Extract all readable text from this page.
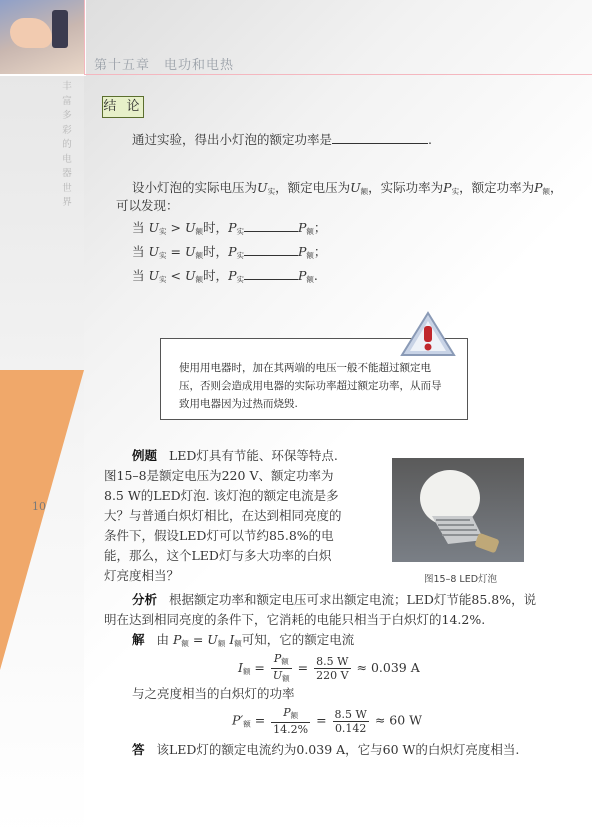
第十五章　电功和电热
丰富多彩的电器世界
10
结 论
通过实验，得出小灯泡的额定功率是	.
设小灯泡的实际电压为$U_实$，额定电压为$U_额$，实际功率为$P_实$，额定功率为$P_额$，
可以发现：
当 $U_实 > U_额$时，$P_实$	$P_额$；
当 $U_实 = U_额$时，$P_实$	$P_额$；
当 $U_实 < U_额$时，$P_实$	$P_额$.
使用用电器时，加在其两端的电压一般不能超过额定电压，否则会造成用电器的实际功率超过额定功率，从而导致用电器因为过热而烧毁.
例题 LED灯具有节能、环保等特点.
图15–8是额定电压为220 V、额定功率为
8.5 W的LED灯泡. 该灯泡的额定电流是多
大？与普通白炽灯相比，在达到相同亮度的
条件下，假设LED灯可以节约85.8%的电
能，那么，这个LED灯与多大功率的白炽
灯亮度相当？	图15–8 LED灯泡
分析 根据额定功率和额定电压可求出额定电流；LED灯节能85.8%，说
明在达到相同亮度的条件下，它消耗的电能只相当于白炽灯的14.2%.
解 由 $P_额 = U_额$ $I_额$可知，它的额定电流
$I_额 = \frac{P_额}{U_额} = \frac{8.5 W}{220 V} \approx 0.039$ A
与之亮度相当的白炽灯的功率
$P'_额 = \frac{P_额}{14.2\%} = \frac{8.5 W}{0.142} \approx 60$ W
答 该LED灯的额定电流约为0.039 A，它与60 W的白炽灯亮度相当.
